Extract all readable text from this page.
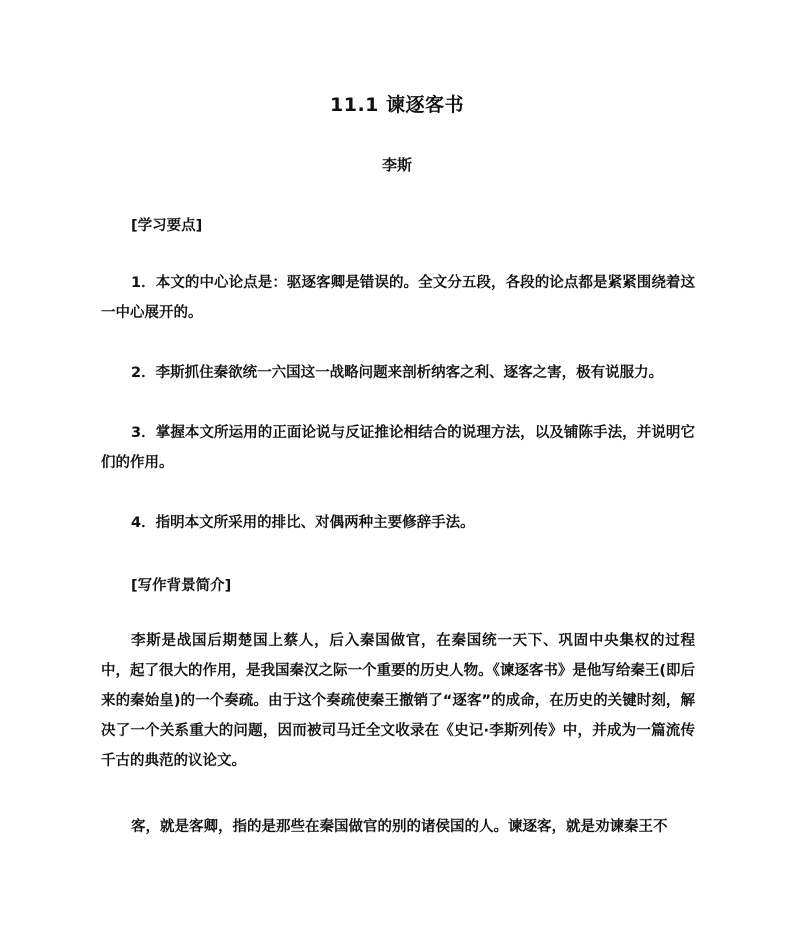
11.1 谏逐客书
李斯
[学习要点]

1．本文的中心论点是：驱逐客卿是错误的。全文分五段，各段的论点都是紧紧围绕着这一中心展开的。

2．李斯抓住秦欲统一六国这一战略问题来剖析纳客之利、逐客之害，极有说服力。

3．掌握本文所运用的正面论说与反证推论相结合的说理方法，以及铺陈手法，并说明它们的作用。

4．指明本文所采用的排比、对偶两种主要修辞手法。

[写作背景简介]

李斯是战国后期楚国上蔡人，后入秦国做官，在秦国统一天下、巩固中央集权的过程中，起了很大的作用，是我国秦汉之际一个重要的历史人物。《谏逐客书》是他写给秦王(即后来的秦始皇)的一个奏疏。由于这个奏疏使秦王撤销了“逐客”的成命，在历史的关键时刻，解决了一个关系重大的问题，因而被司马迁全文收录在《史记·李斯列传》中，并成为一篇流传千古的典范的议论文。

客，就是客卿，指的是那些在秦国做官的别的诸侯国的人。谏逐客，就是劝谏秦王不
